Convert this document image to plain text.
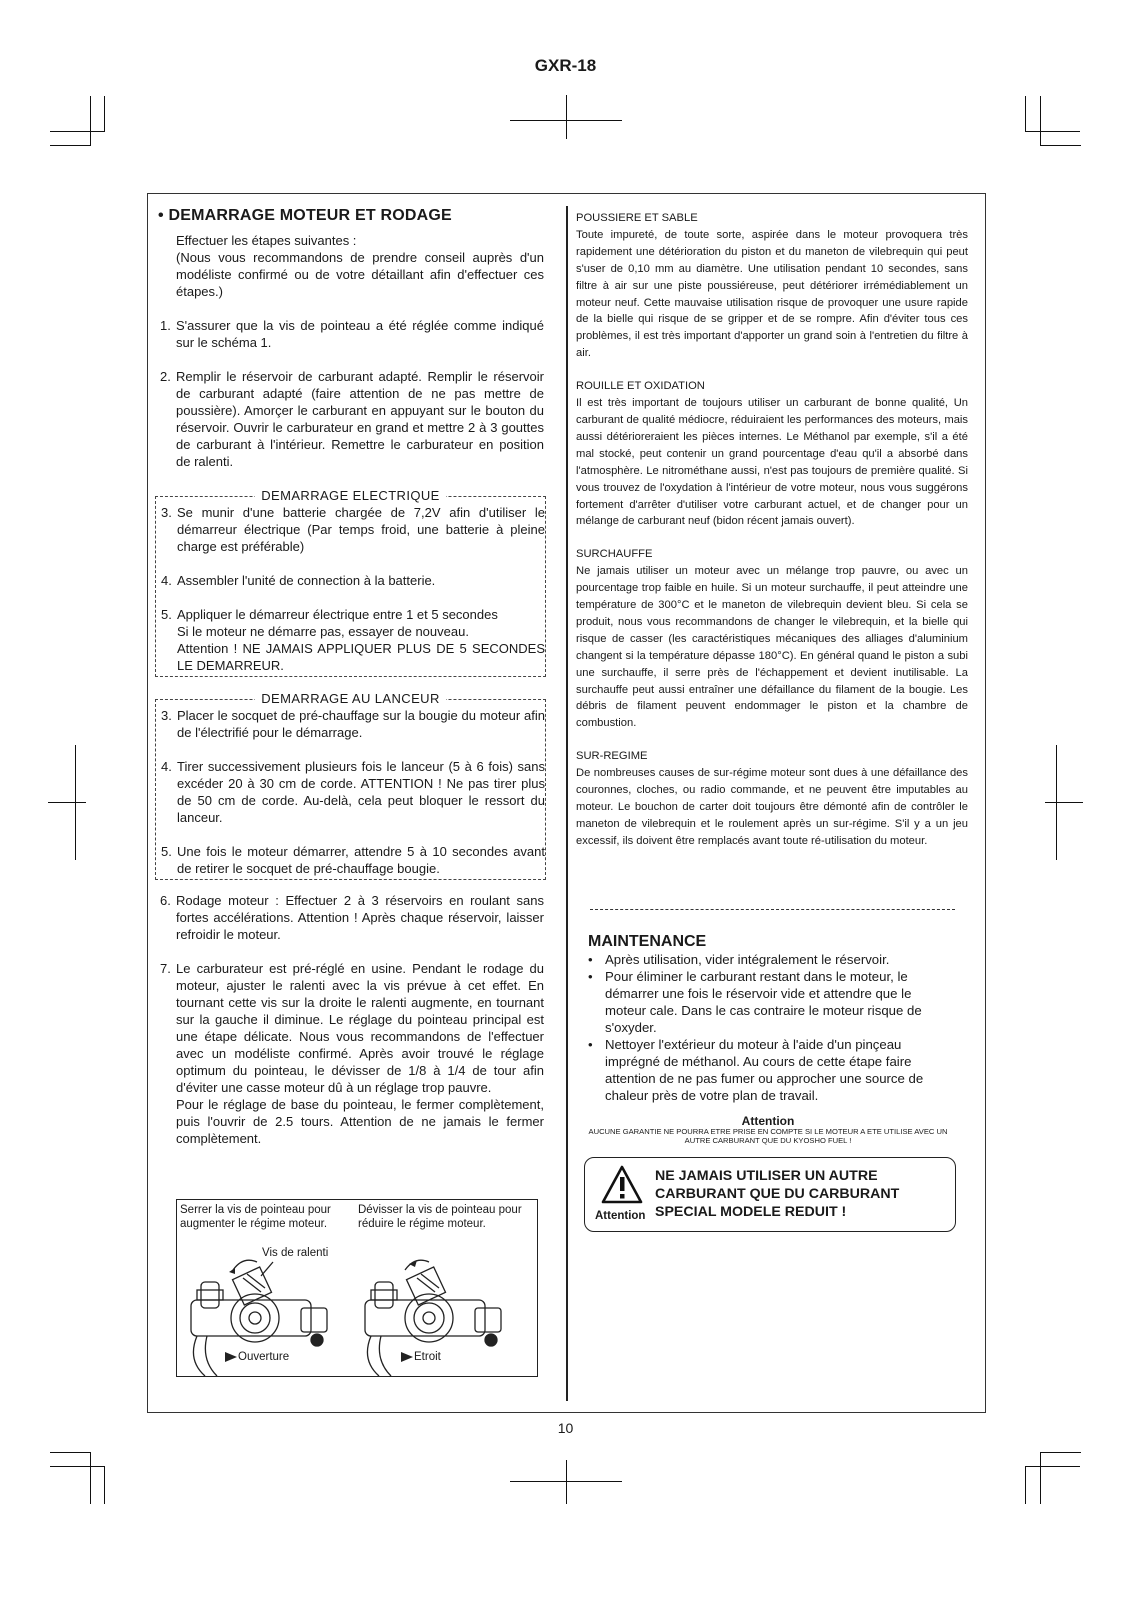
GXR-18
• DEMARRAGE MOTEUR ET RODAGE

Effectuer les étapes suivantes :

(Nous vous recommandons de prendre conseil auprès d'un modéliste confirmé ou de votre détaillant afin d'effectuer ces étapes.)

1. S'assurer que la vis de pointeau a été réglée comme indiqué sur le schéma 1.
2. Remplir le réservoir de carburant adapté. Remplir le réservoir de carburant adapté (faire attention de ne pas mettre de poussière). Amorçer le carburant en appuyant sur le bouton du réservoir. Ouvrir le carburateur en grand et mettre 2 à 3 gouttes de carburant à l'intérieur. Remettre le carburateur en position de ralenti.
DEMARRAGE ELECTRIQUE
3. Se munir d'une batterie chargée de 7,2V afin d'utiliser le démarreur électrique (Par temps froid, une batterie à pleine charge est préférable)
4. Assembler l'unité de connection à la batterie.
5. Appliquer le démarreur électrique entre 1 et 5 secondes
Si le moteur ne démarre pas, essayer de nouveau.
Attention ! NE JAMAIS APPLIQUER PLUS DE 5 SECONDES LE DEMARREUR.
DEMARRAGE AU LANCEUR
3. Placer le socquet de pré-chauffage sur la bougie du moteur afin de l'électrifié pour le démarrage.
4. Tirer successivement plusieurs fois le lanceur (5 à 6 fois) sans excéder 20 à 30 cm de corde. ATTENTION ! Ne pas tirer plus de 50 cm de corde. Au-delà, cela peut bloquer le ressort du lanceur.
5. Une fois le moteur démarrer, attendre 5 à 10 secondes avant de retirer le socquet de pré-chauffage bougie.
6. Rodage moteur : Effectuer 2 à 3 réservoirs en roulant sans fortes accélérations. Attention ! Après chaque réservoir, laisser refroidir le moteur.
7. Le carburateur est pré-réglé en usine. Pendant le rodage du moteur, ajuster le ralenti avec la vis prévue à cet effet. En tournant cette vis sur la droite le ralenti augmente, en tournant sur la gauche il diminue. Le réglage du pointeau principal est une étape délicate. Nous vous recommandons de l'effectuer avec un modéliste confirmé. Après avoir trouvé le réglage optimum du pointeau, le dévisser de 1/8 à 1/4 de tour afin d'éviter une casse moteur dû à un réglage trop pauvre.
Pour le réglage de base du pointeau, le fermer complètement, puis l'ouvrir de 2.5 tours. Attention de ne jamais le fermer complètement.
Serrer la vis de pointeau pour augmenter le régime moteur.
Dévisser la vis de pointeau pour réduire le régime moteur.
Vis de ralenti
Ouverture	Etroit

POUSSIERE ET SABLE

Toute impureté, de toute sorte, aspirée dans le moteur provoquera très rapidement une détérioration du piston et du maneton de vilebrequin qui peut s'user de 0,10 mm au diamètre. Une utilisation pendant 10 secondes, sans filtre à air sur une piste poussiéreuse, peut détériorer irrémédiablement un moteur neuf. Cette mauvaise utilisation risque de provoquer une usure rapide de la bielle qui risque de se gripper et de se rompre. Afin d'éviter tous ces problèmes, il est très important d'apporter un grand soin à l'entretien du filtre à air.

ROUILLE ET OXIDATION

Il est très important de toujours utiliser un carburant de bonne qualité, Un carburant de qualité médiocre, réduiraient les performances des moteurs, mais aussi détérioreraient les pièces internes. Le Méthanol par exemple, s'il a été mal stocké, peut contenir un grand pourcentage d'eau qu'il a absorbé dans l'atmosphère. Le nitrométhane aussi, n'est pas toujours de première qualité. Si vous trouvez de l'oxydation à l'intérieur de votre moteur, nous vous suggérons fortement d'arrêter d'utiliser votre carburant actuel, et de changer pour un mélange de carburant neuf (bidon récent jamais ouvert).

SURCHAUFFE

Ne jamais utiliser un moteur avec un mélange trop pauvre, ou avec un pourcentage trop faible en huile. Si un moteur surchauffe, il peut atteindre une température de 300°C et le maneton de vilebrequin devient bleu. Si cela se produit, nous vous recommandons de changer le vilebrequin, et la bielle qui risque de casser (les caractéristiques mécaniques des alliages d'aluminium changent si la température dépasse 180°C). En général quand le piston a subi une surchauffe, il serre près de l'échappement et devient inutilisable. La surchauffe peut aussi entraîner une défaillance du filament de la bougie. Les débris de filament peuvent endommager le piston et la chambre de combustion.

SUR-REGIME

De nombreuses causes de sur-régime moteur sont dues à une défaillance des couronnes, cloches, ou radio commande, et ne peuvent être imputables au moteur. Le bouchon de carter doit toujours être démonté afin de contrôler le maneton de vilebrequin et le roulement après un sur-régime. S'il y a un jeu excessif, ils doivent être remplacés avant toute ré-utilisation du moteur.

MAINTENANCE
• Après utilisation, vider intégralement le réservoir.
• Pour éliminer le carburant restant dans le moteur, le démarrer une fois le réservoir vide et attendre que le moteur cale. Dans le cas contraire le moteur risque de s'oxyder.
• Nettoyer l'extérieur du moteur à l'aide d'un pinçeau imprégné de méthanol. Au cours de cette étape faire attention de ne pas fumer ou approcher une source de chaleur près de votre plan de travail.
Attention
AUCUNE GARANTIE NE POURRA ETRE PRISE EN COMPTE SI LE MOTEUR A ETE UTILISE AVEC UN AUTRE CARBURANT QUE DU KYOSHO FUEL !
Attention
NE JAMAIS UTILISER UN AUTRE
CARBURANT QUE DU CARBURANT
SPECIAL MODELE REDUIT !
10
